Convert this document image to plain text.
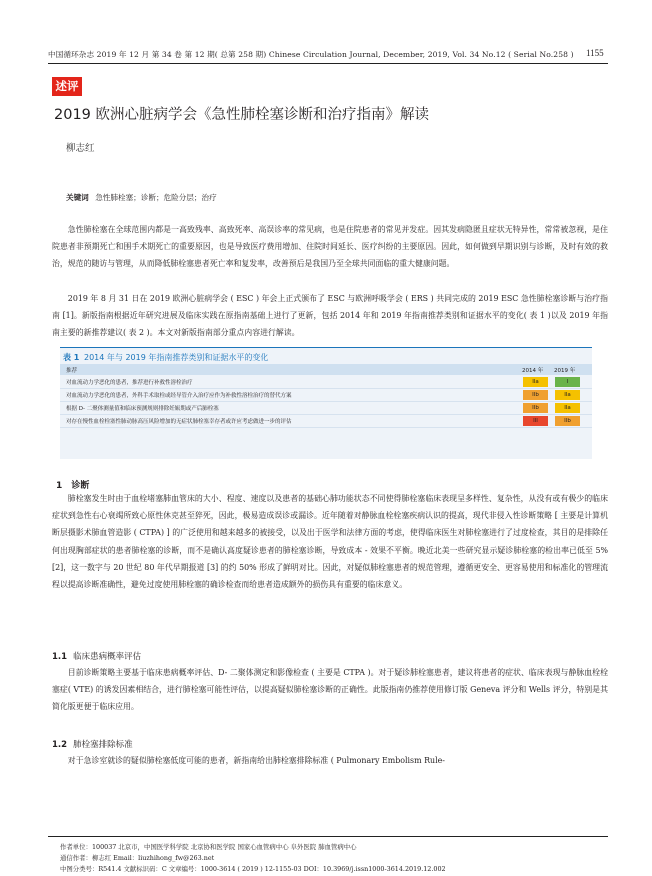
中国循环杂志 2019 年 12 月 第 34 卷 第 12 期( 总第 258 期) Chinese Circulation Journal, December, 2019, Vol. 34 No.12 ( Serial No.258 )	1155
述评
2019 欧洲心脏病学会《急性肺栓塞诊断和治疗指南》解读
柳志红
关键词 急性肺栓塞；诊断；危险分层；治疗
急性肺栓塞在全球范围内都是一高致残率、高致死率、高误诊率的常见病，也是住院患者的常见并发症。因其发病隐匿且症状无特异性，常常被忽视，是住院患者非预期死亡和围手术期死亡的重要原因，也是导致医疗费用增加、住院时间延长、医疗纠纷的主要原因。因此，如何做到早期识别与诊断，及时有效的救治，规范的随访与管理，从而降低肺栓塞患者死亡率和复发率，改善预后是我国乃至全球共同面临的重大健康问题。
2019 年 8 月 31 日在 2019 欧洲心脏病学会 ( ESC ) 年会上正式颁布了 ESC 与欧洲呼吸学会 ( ERS ) 共同完成的 2019 ESC 急性肺栓塞诊断与治疗指南 [1]。新版指南根据近年研究进展及临床实践在原指南基础上进行了更新，包括 2014 年和 2019 年指南推荐类别和证据水平的变化( 表 1 )以及 2019 年指南主要的新推荐建议( 表 2 )。本文对新版指南部分重点内容进行解读。
表 1 2014 年与 2019 年指南推荐类别和证据水平的变化
推荐	2014 年 2019 年
对血流动力学恶化的患者，推荐进行补救性溶栓治疗	IIa	I
对血流动力学恶化的患者，外科手术取栓或经导管介入治疗应作为补救性溶栓治疗的替代方案	IIb	IIa
根据 D- 二聚体测量值和临床预测规则排除妊娠期或产后肺栓塞	IIb	IIa
对存在慢性血栓栓塞性肺动脉高压风险增加的无症状肺栓塞幸存者或许应考虑做进一步的评估	III	IIb
1 诊断
肺栓塞发生时由于血栓堵塞肺血管床的大小、程度、速度以及患者的基础心肺功能状态不同使得肺栓塞临床表现呈多样性、复杂性，从没有或有极少的临床症状到急性右心衰竭所致心原性休克甚至猝死，因此，极易造成误诊或漏诊。近年随着对静脉血栓栓塞疾病认识的提高，现代非侵入性诊断策略 [ 主要是计算机断层摄影术肺血管造影 ( CTPA) ] 的广泛使用和越来越多的被接受，以及出于医学和法律方面的考虑，使得临床医生对肺栓塞进行了过度检查，其目的是排除任何出现胸部症状的患者肺栓塞的诊断，而不是确认高度疑诊患者的肺栓塞诊断，导致成本 - 效果不平衡。晚近北美一些研究显示疑诊肺栓塞的检出率已低至 5% [2]，这一数字与 20 世纪 80 年代早期报道 [3] 的约 50% 形成了鲜明对比。因此，对疑似肺栓塞患者的规范管理，遵循更安全、更容易使用和标准化的管理流程以提高诊断准确性，避免过度使用肺栓塞的确诊检查而给患者造成额外的损伤具有重要的临床意义。
1.1 临床患病概率评估
目前诊断策略主要基于临床患病概率评估、D- 二聚体测定和影像检查 ( 主要是 CTPA )。对于疑诊肺栓塞患者，建议将患者的症状、临床表现与静脉血栓栓塞症( VTE) 的诱发因素相结合，进行肺栓塞可能性评估，以提高疑似肺栓塞诊断的正确性。此版指南仍推荐使用修订版 Geneva 评分和 Wells 评分，特别是其简化版更便于临床应用。
1.2 肺栓塞排除标准
对于急诊室就诊的疑似肺栓塞低度可能的患者，新指南给出肺栓塞排除标准 ( Pulmonary Embolism Rule-
作者单位：100037 北京市，中国医学科学院 北京协和医学院 国家心血管病中心 阜外医院 肺血管病中心
通信作者：柳志红 Email：liuzhihong_fw@263.net
中图分类号：R541.4 文献标识码：C 文章编号：1000-3614 ( 2019 ) 12-1155-03 DOI：10.3969/j.issn1000-3614.2019.12.002
